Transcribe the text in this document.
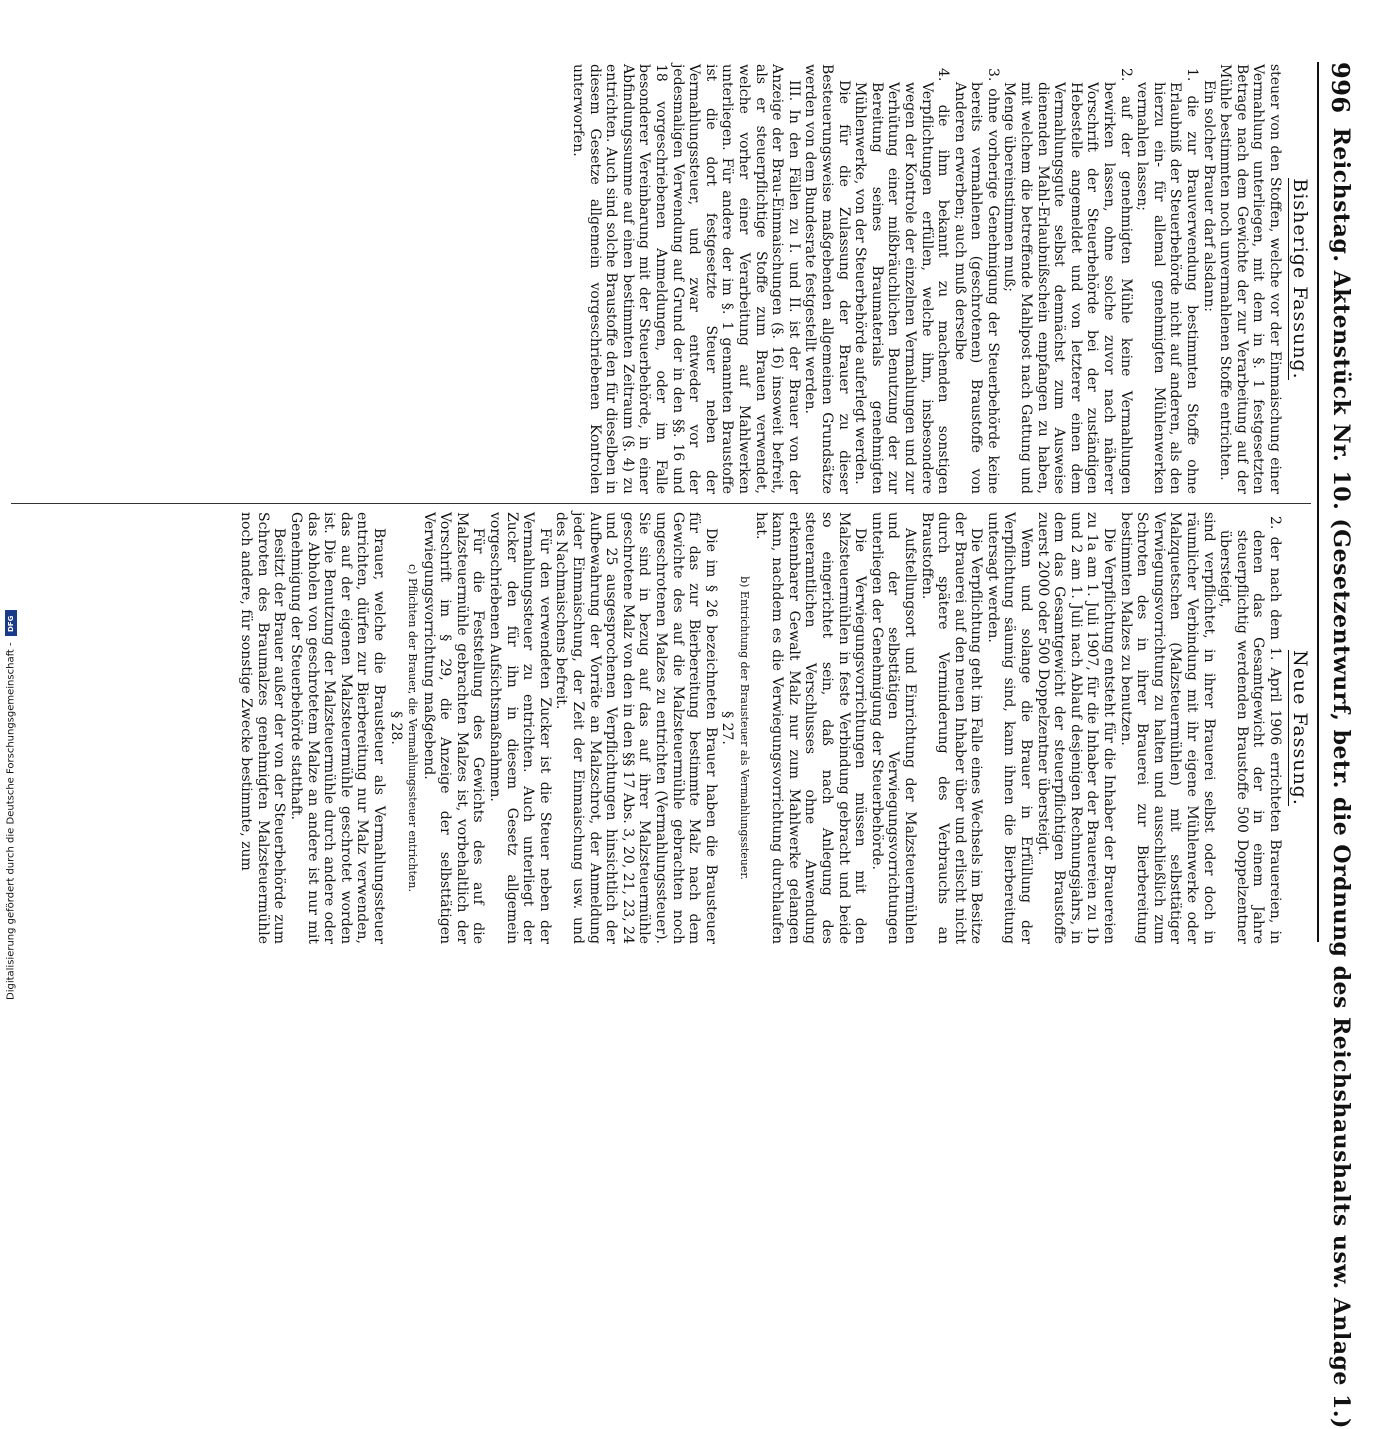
996
Reichstag. Aktenstück Nr. 10. (Gesetzentwurf, betr. die Ordnung des Reichshaushalts usw. Anlage 1.)
Bisherige Fassung.
Neue Fassung.

steuer von den Stoffen, welche vor der Einmaischung einer Vermahlung unterliegen, mit dem in §. 1 festgesetzten Betrage nach dem Gewichte der zur Verarbeitung auf der Mühle bestimmten noch unvermahlenen Stoffe entrichten.

Ein solcher Brauer darf alsdann:

1. die zur Brauverwendung bestimmten Stoffe ohne Erlaubniß der Steuerbehörde nicht auf anderen, als den hierzu ein- für allemal genehmigten Mühlenwerken vermahlen lassen;

2. auf der genehmigten Mühle keine Vermahlungen bewirken lassen, ohne solche zuvor nach näherer Vorschrift der Steuerbehörde bei der zuständigen Hebestelle angemeldet und von letzterer einen dem Vermahlungsgute selbst demnächst zum Ausweise dienenden Mahl-Erlaubnißschein empfangen zu haben, mit welchem die betreffende Mahlpost nach Gattung und Menge übereinstimmen muß;

3. ohne vorherige Genehmigung der Steuerbehörde keine bereits vermahlenen (geschrotenen) Braustoffe von Anderen erwerben; auch muß derselbe

4. die ihm bekannt zu machenden sonstigen Verpflichtungen erfüllen, welche ihm, insbesondere wegen der Kontrole der einzelnen Vermahlungen und zur Verhütung einer mißbräuchlichen Benutzung der zur Bereitung seines Braumaterials genehmigten Mühlenwerke, von der Steuerbehörde auferlegt werden.

Die für die Zulassung der Brauer zu dieser Besteuerungsweise maßgebenden allgemeinen Grundsätze werden von dem Bundesrate festgestellt werden.

III. In den Fällen zu I. und II. ist der Brauer von der Anzeige der Brau-Einmaischungen (§. 16) insoweit befreit, als er steuerpflichtige Stoffe zum Brauen verwendet, welche vorher einer Verarbeitung auf Mahlwerken unterliegen. Für andere der im §. 1 genannten Braustoffe ist die dort festgesetzte Steuer neben der Vermahlungssteuer, und zwar entweder vor der jedesmaligen Verwendung auf Grund der in den §§. 16 und 18 vorgeschriebenen Anmeldungen, oder im Falle besonderer Vereinbarung mit der Steuerbehörde, in einer Abfindungssumme auf einen bestimmten Zeitraum (§. 4) zu entrichten. Auch sind solche Braustoffe den für dieselben in diesem Gesetze allgemein vorgeschriebenen Kontrolen unterworfen.

2. der nach dem 1. April 1906 errichteten Brauereien, in denen das Gesamtgewicht der in einem Jahre steuerpflichtig werdenden Braustoffe 500 Doppelzentner übersteigt,

sind verpflichtet, in ihrer Brauerei selbst oder doch in räumlicher Verbindung mit ihr eigene Mühlenwerke oder Malzquetschen (Malzsteuermühlen) mit selbsttätiger Verwiegungsvorrichtung zu halten und ausschließlich zum Schroten des in ihrer Brauerei zur Bierbereitung bestimmten Malzes zu benutzen.

Die Verpflichtung entsteht für die Inhaber der Brauereien zu 1a am 1. Juli 1907, für die Inhaber der Brauereien zu 1b und 2 am 1. Juli nach Ablauf desjenigen Rechnungsjahrs, in dem das Gesamtgewicht der steuerpflichtigen Braustoffe zuerst 2000 oder 500 Doppelzentner übersteigt.

Wenn und solange die Brauer in Erfüllung der Verpflichtung säumig sind, kann ihnen die Bierbereitung untersagt werden.

Die Verpflichtung geht im Falle eines Wechsels im Besitze der Brauerei auf den neuen Inhaber über und erlischt nicht durch spätere Verminderung des Verbrauchs an Braustoffen.

Aufstellungsort und Einrichtung der Malzsteuermühlen und der selbsttätigen Verwiegungsvorrichtungen unterliegen der Genehmigung der Steuerbehörde.

Die Verwiegungsvorrichtungen müssen mit den Malzsteuermühlen in feste Verbindung gebracht und beide so eingerichtet sein, daß nach Anlegung des steueramtlichen Verschlusses ohne Anwendung erkennbarer Gewalt Malz nur zum Mahlwerke gelangen kann, nachdem es die Verwiegungsvorrichtung durchlaufen hat.

b) Entrichtung der Brausteuer als Vermahlungssteuer.

§ 27.

Die im § 26 bezeichneten Brauer haben die Brausteuer für das zur Bierbereitung bestimmte Malz nach dem Gewichte des auf die Malzsteuermühle gebrachten noch ungeschrotenen Malzes zu entrichten (Vermahlungssteuer). Sie sind in bezug auf das auf ihrer Malzsteuermühle geschrotene Malz von den in den §§ 17 Abs. 3, 20, 21, 23, 24 und 25 ausgesprochenen Verpflichtungen hinsichtlich der Aufbewahrung der Vorräte an Malzschrot, der Anmeldung jeder Einmaischung, der Zeit der Einmaischung usw. und des Nachmaischens befreit.

Für den verwendeten Zucker ist die Steuer neben der Vermahlungssteuer zu entrichten. Auch unterliegt der Zucker den für ihn in diesem Gesetz allgemein vorgeschriebenen Aufsichtsmaßnahmen.

Für die Feststellung des Gewichts des auf die Malzsteuermühle gebrachten Malzes ist, vorbehaltlich der Vorschrift im § 29, die Anzeige der selbsttätigen Verwiegungsvorrichtung maßgebend.

c) Pflichten der Brauer, die Vermahlungssteuer entrichten.

§ 28.

Brauer, welche die Brausteuer als Vermahlungssteuer entrichten, dürfen zur Bierbereitung nur Malz verwenden, das auf der eigenen Malzsteuermühle geschrotet worden ist. Die Benutzung der Malzsteuermühle durch andere oder das Abholen von geschrotetem Malze an andere ist nur mit Genehmigung der Steuerbehörde statthaft.

Besitzt der Brauer außer der von der Steuerbehörde zum Schroten des Braumalzes genehmigten Malzsteuermühle noch andere, für sonstige Zwecke bestimmte, zum

Digitalisierung gefördert durch die Deutsche Forschungsgemeinschaft -
DFG
